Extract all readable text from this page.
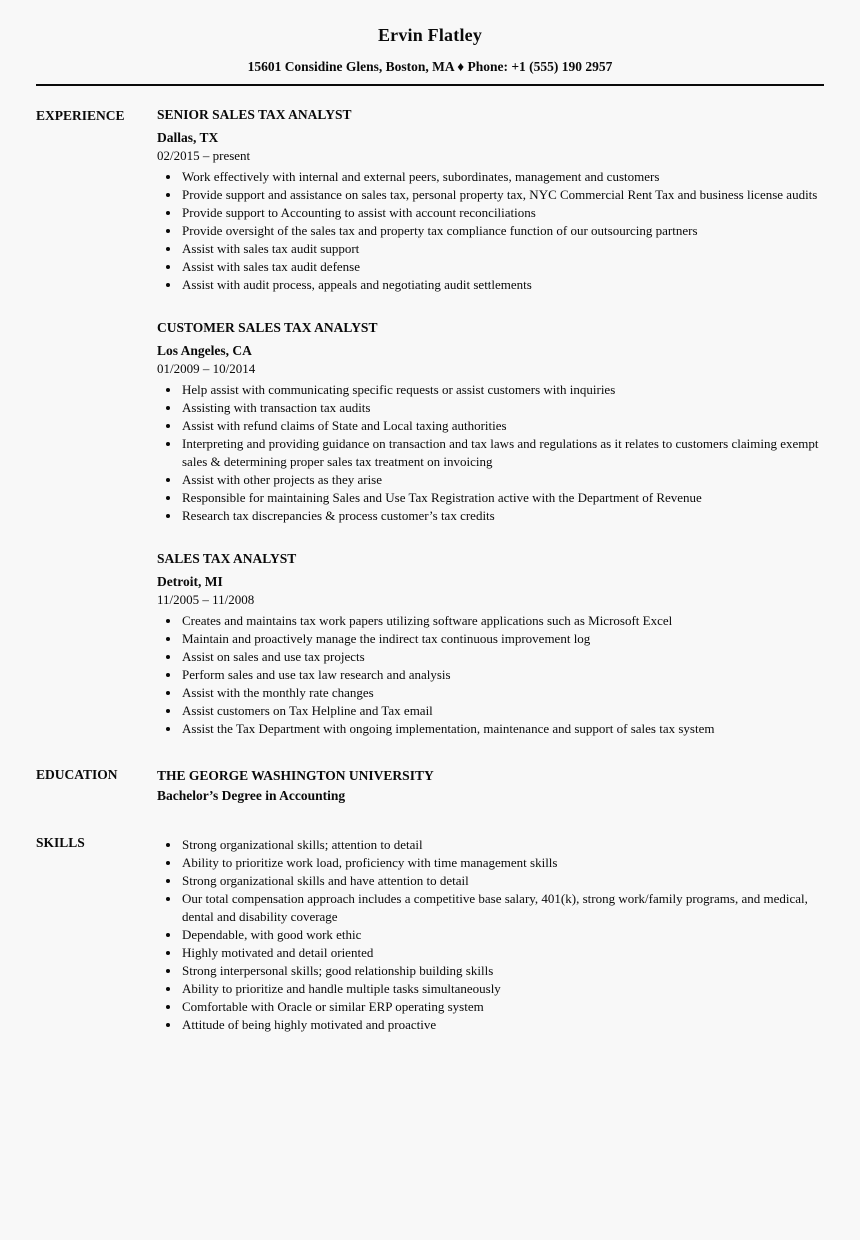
Ervin Flatley
15601 Considine Glens, Boston, MA ♦ Phone: +1 (555) 190 2957
EXPERIENCE	SENIOR SALES TAX ANALYST
Dallas, TX
02/2015 – present
• Work effectively with internal and external peers, subordinates, management and customers
• Provide support and assistance on sales tax, personal property tax, NYC Commercial Rent Tax and business license audits
• Provide support to Accounting to assist with account reconciliations
• Provide oversight of the sales tax and property tax compliance function of our outsourcing partners
• Assist with sales tax audit support
• Assist with sales tax audit defense
• Assist with audit process, appeals and negotiating audit settlements
CUSTOMER SALES TAX ANALYST
Los Angeles, CA
01/2009 – 10/2014
• Help assist with communicating specific requests or assist customers with inquiries
• Assisting with transaction tax audits
• Assist with refund claims of State and Local taxing authorities
• Interpreting and providing guidance on transaction and tax laws and regulations as it relates to customers claiming exempt sales & determining proper sales tax treatment on invoicing
• Assist with other projects as they arise
• Responsible for maintaining Sales and Use Tax Registration active with the Department of Revenue
• Research tax discrepancies & process customer’s tax credits
SALES TAX ANALYST
Detroit, MI
11/2005 – 11/2008
• Creates and maintains tax work papers utilizing software applications such as Microsoft Excel
• Maintain and proactively manage the indirect tax continuous improvement log
• Assist on sales and use tax projects
• Perform sales and use tax law research and analysis
• Assist with the monthly rate changes
• Assist customers on Tax Helpline and Tax email
• Assist the Tax Department with ongoing implementation, maintenance and support of sales tax system
EDUCATION	THE GEORGE WASHINGTON UNIVERSITY
Bachelor’s Degree in Accounting
SKILLS	• Strong organizational skills; attention to detail
• Ability to prioritize work load, proficiency with time management skills
• Strong organizational skills and have attention to detail
• Our total compensation approach includes a competitive base salary, 401(k), strong work/family programs, and medical, dental and disability coverage
• Dependable, with good work ethic
• Highly motivated and detail oriented
• Strong interpersonal skills; good relationship building skills
• Ability to prioritize and handle multiple tasks simultaneously
• Comfortable with Oracle or similar ERP operating system
• Attitude of being highly motivated and proactive
